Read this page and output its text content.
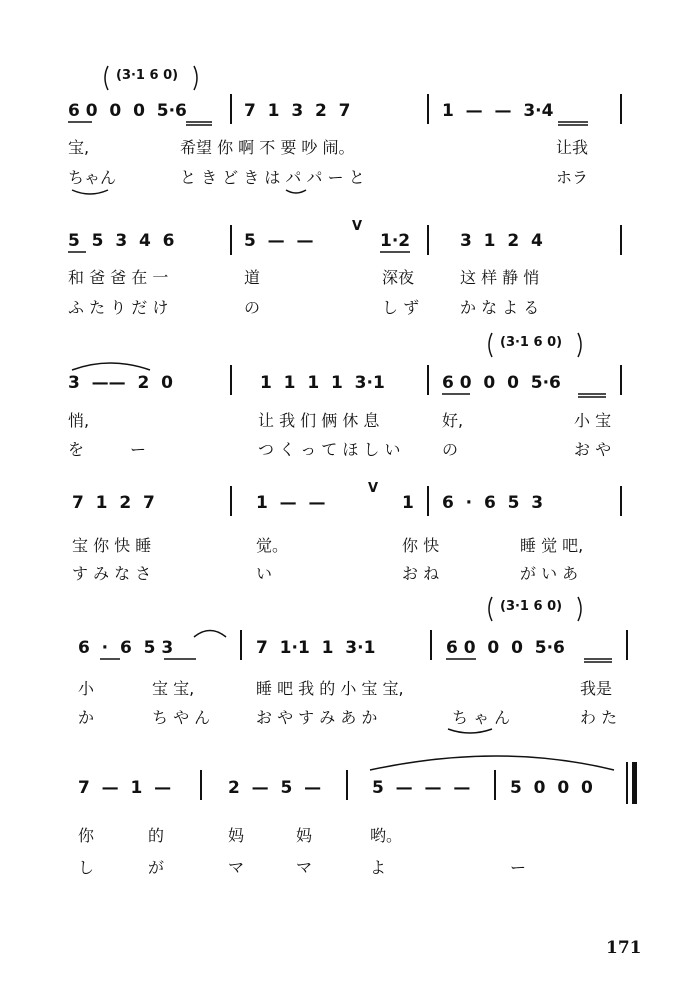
(3·1 6 0)
6 0  0  0  5·6	7  1  3  2  7	1  —  —  3·4
宝,	希望 你 啊 不 要 吵 闹。	让我
ちゃん	と き ど き は パ パ ー と	ホラ
5  5  3  4  6	5  —  —
V
1·2	3  1  2  4
和 爸 爸 在 一	道	深夜	这 样 静 悄
ふ た り だ け	の	し ず	か な よ る
(3·1 6 0)
3  ——  2  0	1  1  1  1  3·1	6 0  0  0  5·6
悄,	让 我 们 俩 休 息	好,	小 宝
を	ー	つ く っ て ほ し い	の	お や
7  1  2  7	1  —  —
V
1 6  ·  6  5  3
宝 你 快 睡	觉。	你 快	睡 觉 吧,
す み な さ	い	お ね	が い あ
(3·1 6 0)
6  ·  6  5 3	7  1·1  1  3·1	6 0  0  0  5·6
小	宝 宝,	睡 吧 我 的 小 宝 宝,	我是
か	ち や ん	お や す み あ か	ち ゃ ん	わ た
7  —  1  —	2  —  5  —	5  —  —  — 5  0  0  0
你	的	妈	妈	哟。
し	が	マ	マ	よ	ー
171
